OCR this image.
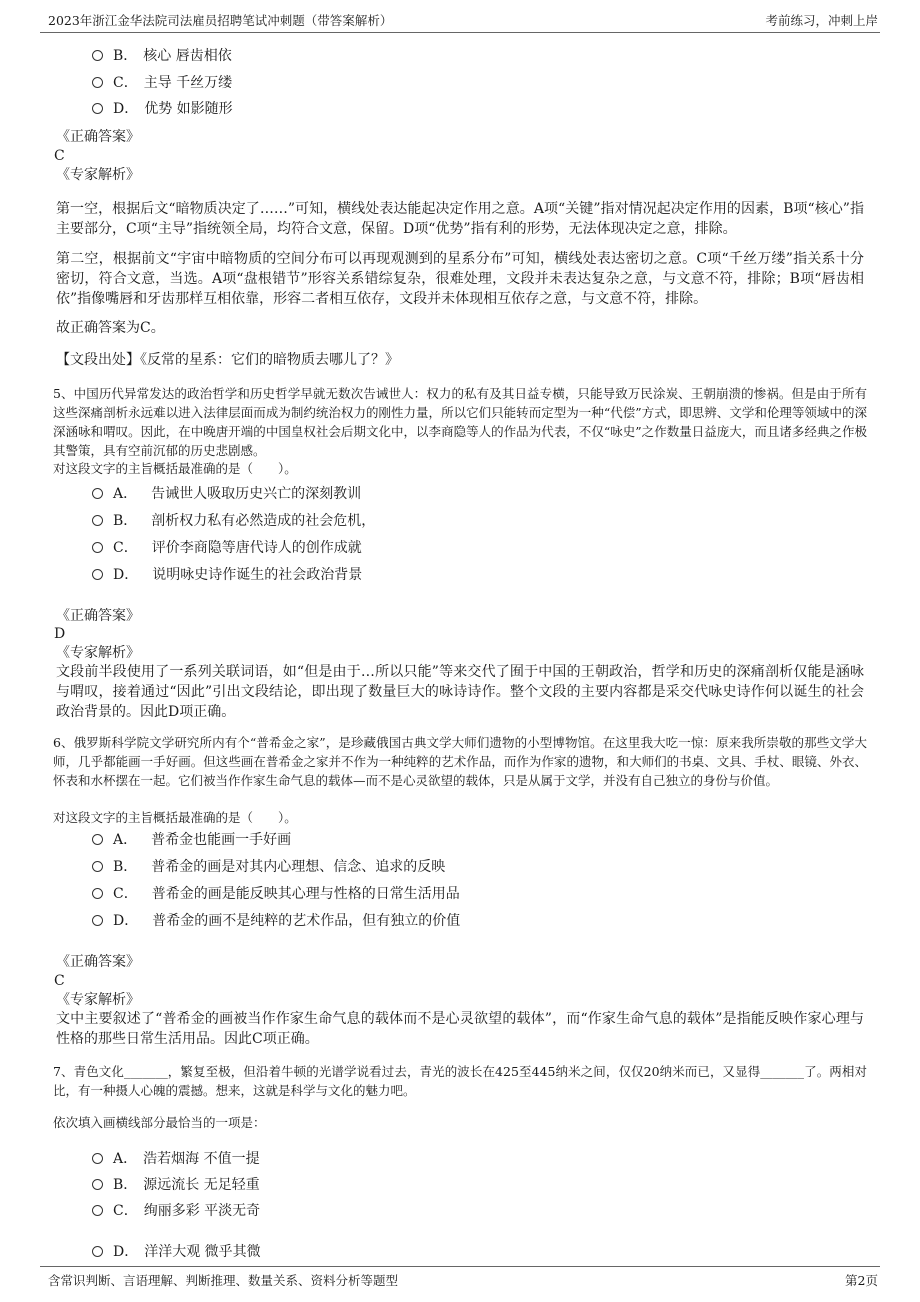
2023年浙江金华法院司法雇员招聘笔试冲刺题（带答案解析）	考前练习，冲刺上岸
B． 核心 唇齿相依
C． 主导 千丝万缕
D． 优势 如影随形
《正确答案》
C
《专家解析》
第一空，根据后文“暗物质决定了……”可知，横线处表达能起决定作用之意。A项“关键”指对情况起决定作用的因素，B项“核心”指主要部分，C项“主导”指统领全局，均符合文意，保留。D项“优势”指有利的形势，无法体现决定之意，排除。
第二空，根据前文“宇宙中暗物质的空间分布可以再现观测到的星系分布”可知，横线处表达密切之意。C项“千丝万缕”指关系十分密切，符合文意，当选。A项“盘根错节”形容关系错综复杂，很难处理，文段并未表达复杂之意，与文意不符，排除；B项“唇齿相依”指像嘴唇和牙齿那样互相依靠，形容二者相互依存，文段并未体现相互依存之意，与文意不符，排除。
故正确答案为C。
【文段出处】《反常的星系：它们的暗物质去哪儿了？》
5、中国历代异常发达的政治哲学和历史哲学早就无数次告诫世人：权力的私有及其日益专横，只能导致万民涂炭、王朝崩溃的惨祸。但是由于所有这些深痛剖析永远难以进入法律层面而成为制约统治权力的刚性力量，所以它们只能转而定型为一种“代偿”方式，即思辨、文学和伦理等领域中的深深涵咏和喟叹。因此，在中晚唐开端的中国皇权社会后期文化中，以李商隐等人的作品为代表，不仅“咏史”之作数量日益庞大，而且诸多经典之作极其警策，具有空前沉郁的历史悲剧感。
对这段文字的主旨概括最准确的是（　　）。
A． 告诫世人吸取历史兴亡的深刻教训
B． 剖析权力私有必然造成的社会危机，
C． 评价李商隐等唐代诗人的创作成就
D． 说明咏史诗作诞生的社会政治背景
《正确答案》
D
《专家解析》
文段前半段使用了一系列关联词语，如“但是由于…所以只能”等来交代了囿于中国的王朝政治，哲学和历史的深痛剖析仅能是涵咏与喟叹，接着通过“因此”引出文段结论，即出现了数量巨大的咏诗诗作。整个文段的主要内容都是采交代咏史诗作何以诞生的社会政治背景的。因此D项正确。
6、俄罗斯科学院文学研究所内有个“普希金之家”，是珍藏俄国古典文学大师们遗物的小型博物馆。在这里我大吃一惊：原来我所崇敬的那些文学大师，几乎都能画一手好画。但这些画在普希金之家并不作为一种纯粹的艺术作品，而作为作家的遗物，和大师们的书桌、文具、手杖、眼镜、外衣、怀表和水杯摆在一起。它们被当作作家生命气息的载体—而不是心灵欲望的载体，只是从属于文学，并没有自己独立的身份与价值。
对这段文字的主旨概括最准确的是（　　）。
A． 普希金也能画一手好画
B． 普希金的画是对其内心理想、信念、追求的反映
C． 普希金的画是能反映其心理与性格的日常生活用品
D． 普希金的画不是纯粹的艺术作品，但有独立的价值
《正确答案》
C
《专家解析》
文中主要叙述了“普希金的画被当作作家生命气息的载体而不是心灵欲望的载体”，而“作家生命气息的载体”是指能反映作家心理与性格的那些日常生活用品。因此C项正确。
7、青色文化_______，繁复至极，但沿着牛顿的光谱学说看过去，青光的波长在425至445纳米之间，仅仅20纳米而已，又显得_______了。两相对比，有一种摄人心魄的震撼。想来，这就是科学与文化的魅力吧。
依次填入画横线部分最恰当的一项是：
A． 浩若烟海 不值一提
B． 源远流长 无足轻重
C． 绚丽多彩 平淡无奇
D． 洋洋大观 微乎其微
含常识判断、言语理解、判断推理、数量关系、资料分析等题型	第2页
